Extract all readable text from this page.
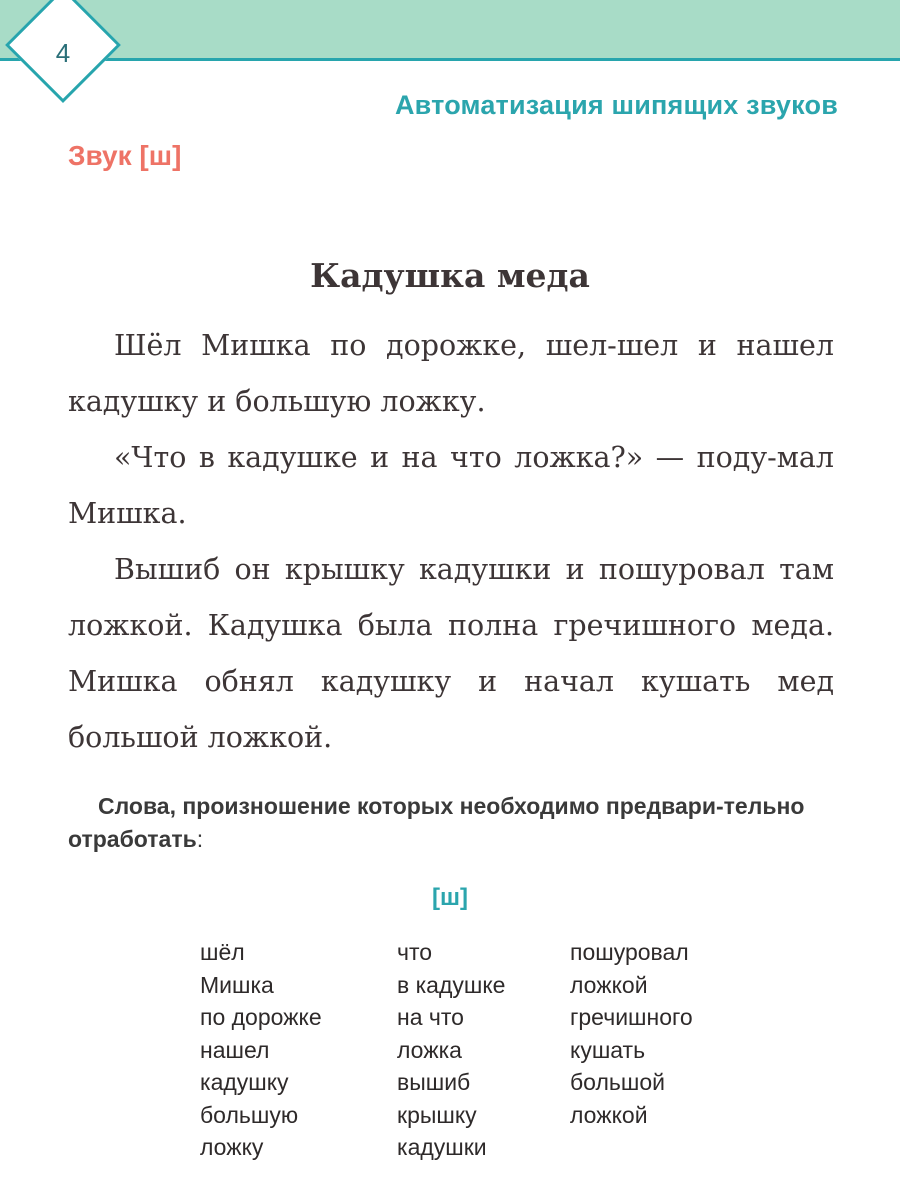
4
Автоматизация шипящих звуков
Звук [ш]
Кадушка меда

Шёл Мишка по дорожке, шел-шел и нашел кадушку и большую ложку.

«Что в кадушке и на что ложка?» — поду-мал Мишка.

Вышиб он крышку кадушки и пошуровал там ложкой. Кадушка была полна гречишного меда. Мишка обнял кадушку и начал кушать мед большой ложкой.

Слова, произношение которых необходимо предвари-тельно отработать:
[ш]
шёл
Мишка
по дорожке
нашел
кадушку
большую
ложку
что
в кадушке
на что
ложка
вышиб
крышку
кадушки
пошуровал
ложкой
гречишного
кушать
большой
ложкой
